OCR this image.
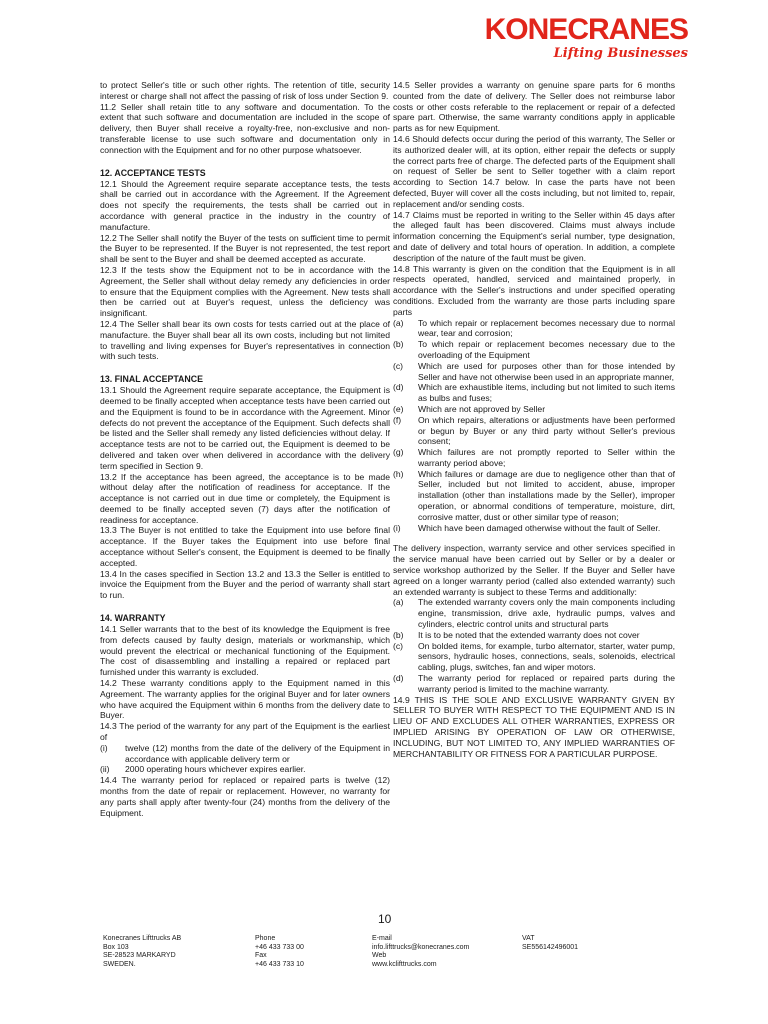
KONECRANES
Lifting Businesses

to protect Seller's title or such other rights. The retention of title, security interest or charge shall not affect the passing of risk of loss under Section 9.

11.2 Seller shall retain title to any software and documentation. To the extent that such software and documentation are included in the scope of delivery, then Buyer shall receive a royalty-free, non-exclusive and non-transferable license to use such software and documentation only in connection with the Equipment and for no other purpose whatsoever.

12. ACCEPTANCE TESTS

12.1 Should the Agreement require separate acceptance tests, the tests shall be carried out in accordance with the Agreement. If the Agreement does not specify the requirements, the tests shall be carried out in accordance with general practice in the industry in the country of manufacture.

12.2 The Seller shall notify the Buyer of the tests on sufficient time to permit the Buyer to be represented. If the Buyer is not represented, the test report shall be sent to the Buyer and shall be deemed accepted as accurate.

12.3 If the tests show the Equipment not to be in accordance with the Agreement, the Seller shall without delay remedy any deficiencies in order to ensure that the Equipment complies with the Agreement. New tests shall then be carried out at Buyer's request, unless the deficiency was insignificant.

12.4 The Seller shall bear its own costs for tests carried out at the place of manufacture. the Buyer shall bear all its own costs, including but not limited to travelling and living expenses for Buyer's representatives in connection with such tests.

13. FINAL ACCEPTANCE

13.1 Should the Agreement require separate acceptance, the Equipment is deemed to be finally accepted when acceptance tests have been carried out and the Equipment is found to be in accordance with the Agreement. Minor defects do not prevent the acceptance of the Equipment. Such defects shall be listed and the Seller shall remedy any listed deficiencies without delay. If acceptance tests are not to be carried out, the Equipment is deemed to be delivered and taken over when delivered in accordance with the delivery term specified in Section 9.

13.2 If the acceptance has been agreed, the acceptance is to be made without delay after the notification of readiness for acceptance. If the acceptance is not carried out in due time or completely, the Equipment is deemed to be finally accepted seven (7) days after the notification of readiness for acceptance.

13.3 The Buyer is not entitled to take the Equipment into use before final acceptance. If the Buyer takes the Equipment into use before final acceptance without Seller's consent, the Equipment is deemed to be finally accepted.

13.4 In the cases specified in Section 13.2 and 13.3 the Seller is entitled to invoice the Equipment from the Buyer and the period of warranty shall start to run.

14. WARRANTY

14.1 Seller warrants that to the best of its knowledge the Equipment is free from defects caused by faulty design, materials or workmanship, which would prevent the electrical or mechanical functioning of the Equipment. The cost of disassembling and installing a repaired or replaced part furnished under this warranty is excluded.

14.2 These warranty conditions apply to the Equipment named in this Agreement. The warranty applies for the original Buyer and for later owners who have acquired the Equipment within 6 months from the delivery date to Buyer.

14.3 The period of the warranty for any part of the Equipment is the earliest of

(i)	twelve (12) months from the date of the delivery of the Equipment in accordance with applicable delivery term or
(ii)	2000 operating hours whichever expires earlier.

14.4 The warranty period for replaced or repaired parts is twelve (12) months from the date of repair or replacement. However, no warranty for any parts shall apply after twenty-four (24) months from the delivery of the Equipment.

14.5 Seller provides a warranty on genuine spare parts for 6 months counted from the date of delivery. The Seller does not reimburse labor costs or other costs referable to the replacement or repair of a defected spare part. Otherwise, the same warranty conditions apply in applicable parts as for new Equipment.

14.6 Should defects occur during the period of this warranty, The Seller or its authorized dealer will, at its option, either repair the defects or supply the correct parts free of charge. The defected parts of the Equipment shall on request of Seller be sent to Seller together with a claim report according to Section 14.7 below. In case the parts have not been defected, Buyer will cover all the costs including, but not limited to, repair, replacement and/or sending costs.

14.7 Claims must be reported in writing to the Seller within 45 days after the alleged fault has been discovered. Claims must always include information concerning the Equipment's serial number, type designation, and date of delivery and total hours of operation. In addition, a complete description of the nature of the fault must be given.

14.8 This warranty is given on the condition that the Equipment is in all respects operated, handled, serviced and maintained properly, in accordance with the Seller's instructions and under specified operating conditions. Excluded from the warranty are those parts including spare parts

(a)	To which repair or replacement becomes necessary due to normal wear, tear and corrosion;
(b)	To which repair or replacement becomes necessary due to the overloading of the Equipment
(c)	Which are used for purposes other than for those intended by Seller and have not otherwise been used in an appropriate manner,
(d)	Which are exhaustible items, including but not limited to such items as bulbs and fuses;
(e)	Which are not approved by Seller
(f)	On which repairs, alterations or adjustments have been performed or begun by Buyer or any third party without Seller's previous consent;
(g)	Which failures are not promptly reported to Seller within the warranty period above;
(h)	Which failures or damage are due to negligence other than that of Seller, included but not limited to accident, abuse, improper installation (other than installations made by the Seller), improper operation, or abnormal conditions of temperature, moisture, dirt, corrosive matter, dust or other similar type of reason;
(i)	Which have been damaged otherwise without the fault of Seller.

The delivery inspection, warranty service and other services specified in the service manual have been carried out by Seller or by a dealer or service workshop authorized by the Seller. If the Buyer and Seller have agreed on a longer warranty period (called also extended warranty) such an extended warranty is subject to these Terms and additionally:

(a)	The extended warranty covers only the main components including engine, transmission, drive axle, hydraulic pumps, valves and cylinders, electric control units and structural parts
(b)	It is to be noted that the extended warranty does not cover
(c)	On bolded items, for example, turbo alternator, starter, water pump, sensors, hydraulic hoses, connections, seals, solenoids, electrical cabling, plugs, switches, fan and wiper motors.
(d)	The warranty period for replaced or repaired parts during the warranty period is limited to the machine warranty.

14.9 THIS IS THE SOLE AND EXCLUSIVE WARRANTY GIVEN BY SELLER TO BUYER WITH RESPECT TO THE EQUIPMENT AND IS IN LIEU OF AND EXCLUDES ALL OTHER WARRANTIES, EXPRESS OR IMPLIED ARISING BY OPERATION OF LAW OR OTHERWISE, INCLUDING, BUT NOT LIMITED TO, ANY IMPLIED WARRANTIES OF MERCHANTABILITY OR FITNESS FOR A PARTICULAR PURPOSE.

10
Konecranes Lifttrucks AB
Box 103
SE-28523 MARKARYD
SWEDEN.
Phone
+46 433 733 00
Fax
+46 433 733 10
E-mail
info.lifttrucks@konecranes.com
Web
www.kclifttrucks.com
VAT
SE556142496001
